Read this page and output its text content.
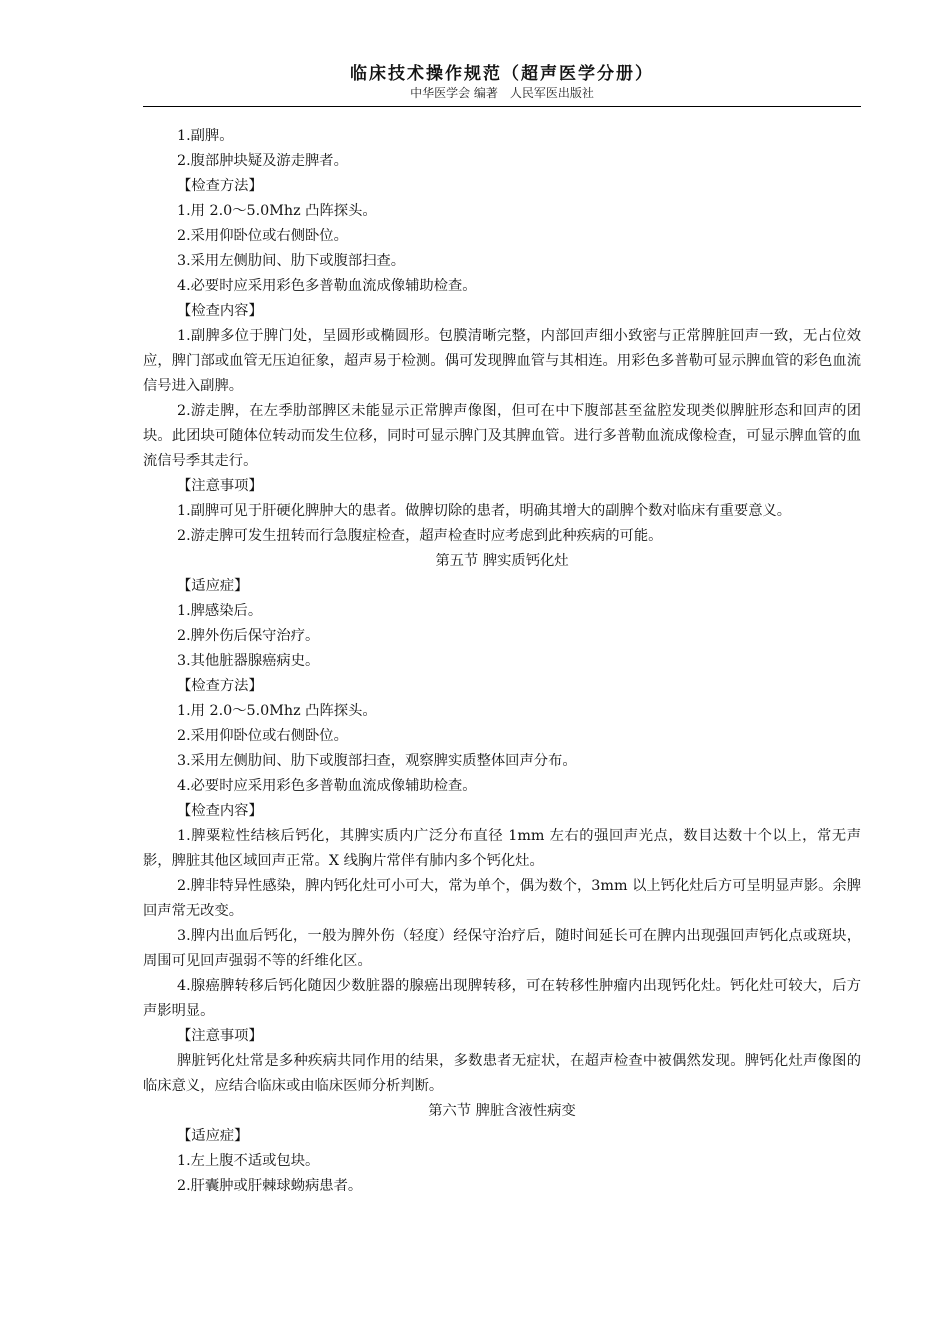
临床技术操作规范（超声医学分册）
中华医学会 编著　人民军医出版社

1.副脾。

2.腹部肿块疑及游走脾者。

【检查方法】

1.用 2.0～5.0Mhz 凸阵探头。

2.采用仰卧位或右侧卧位。

3.采用左侧肋间、肋下或腹部扫查。

4.必要时应采用彩色多普勒血流成像辅助检查。

【检查内容】

1.副脾多位于脾门处，呈圆形或椭圆形。包膜清晰完整，内部回声细小致密与正常脾脏回声一致，无占位效应，脾门部或血管无压迫征象，超声易于检测。偶可发现脾血管与其相连。用彩色多普勒可显示脾血管的彩色血流信号进入副脾。

2.游走脾，在左季肋部脾区未能显示正常脾声像图，但可在中下腹部甚至盆腔发现类似脾脏形态和回声的团块。此团块可随体位转动而发生位移，同时可显示脾门及其脾血管。进行多普勒血流成像检查，可显示脾血管的血流信号季其走行。

【注意事项】

1.副脾可见于肝硬化脾肿大的患者。做脾切除的患者，明确其增大的副脾个数对临床有重要意义。

2.游走脾可发生扭转而行急腹症检查，超声检查时应考虑到此种疾病的可能。

第五节 脾实质钙化灶

【适应症】

1.脾感染后。

2.脾外伤后保守治疗。

3.其他脏器腺癌病史。

【检查方法】

1.用 2.0～5.0Mhz 凸阵探头。

2.采用仰卧位或右侧卧位。

3.采用左侧肋间、肋下或腹部扫查，观察脾实质整体回声分布。

4.必要时应采用彩色多普勒血流成像辅助检查。

【检查内容】

1.脾粟粒性结核后钙化，其脾实质内广泛分布直径 1mm 左右的强回声光点，数目达数十个以上，常无声影，脾脏其他区域回声正常。X 线胸片常伴有肺内多个钙化灶。

2.脾非特异性感染，脾内钙化灶可小可大，常为单个，偶为数个，3mm 以上钙化灶后方可呈明显声影。余脾回声常无改变。

3.脾内出血后钙化，一般为脾外伤（轻度）经保守治疗后，随时间延长可在脾内出现强回声钙化点或斑块，周围可见回声强弱不等的纤维化区。

4.腺癌脾转移后钙化随因少数脏器的腺癌出现脾转移，可在转移性肿瘤内出现钙化灶。钙化灶可较大，后方声影明显。

【注意事项】

脾脏钙化灶常是多种疾病共同作用的结果，多数患者无症状，在超声检查中被偶然发现。脾钙化灶声像图的临床意义，应结合临床或由临床医师分析判断。

第六节 脾脏含液性病变

【适应症】

1.左上腹不适或包块。

2.肝囊肿或肝棘球蚴病患者。
